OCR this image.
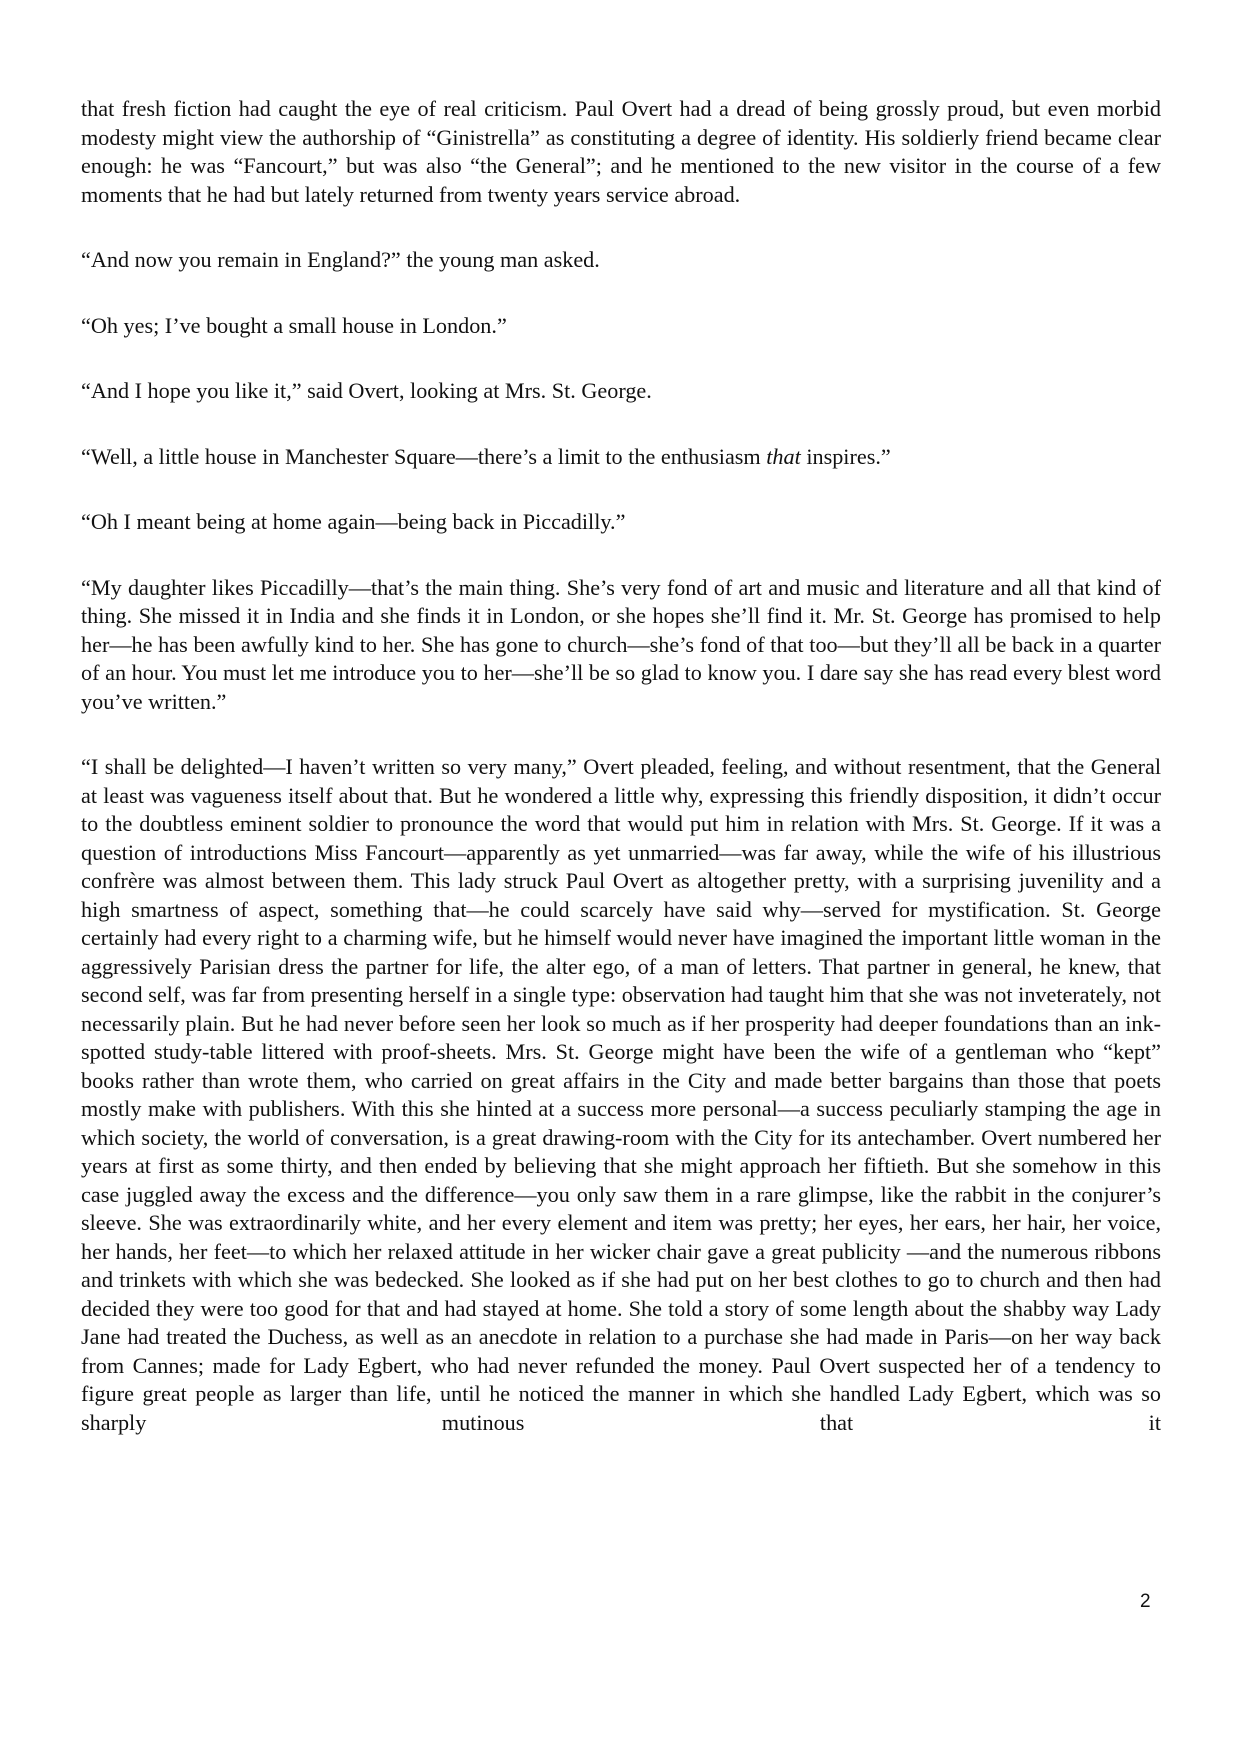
that fresh fiction had caught the eye of real criticism. Paul Overt had a dread of being grossly proud, but even morbid modesty might view the authorship of “Ginistrella” as constituting a degree of identity. His soldierly friend became clear enough: he was “Fancourt,” but was also “the General”; and he mentioned to the new visitor in the course of a few moments that he had but lately returned from twenty years service abroad.

“And now you remain in England?” the young man asked.

“Oh yes; I’ve bought a small house in London.”

“And I hope you like it,” said Overt, looking at Mrs. St. George.

“Well, a little house in Manchester Square—there’s a limit to the enthusiasm that inspires.”

“Oh I meant being at home again—being back in Piccadilly.”

“My daughter likes Piccadilly—that’s the main thing. She’s very fond of art and music and literature and all that kind of thing. She missed it in India and she finds it in London, or she hopes she’ll find it. Mr. St. George has promised to help her—he has been awfully kind to her. She has gone to church—she’s fond of that too—but they’ll all be back in a quarter of an hour. You must let me introduce you to her—she’ll be so glad to know you. I dare say she has read every blest word you’ve written.”

“I shall be delighted—I haven’t written so very many,” Overt pleaded, feeling, and without resentment, that the General at least was vagueness itself about that. But he wondered a little why, expressing this friendly disposition, it didn’t occur to the doubtless eminent soldier to pronounce the word that would put him in relation with Mrs. St. George. If it was a question of introductions Miss Fancourt—apparently as yet unmarried—was far away, while the wife of his illustrious confrère was almost between them. This lady struck Paul Overt as altogether pretty, with a surprising juvenility and a high smartness of aspect, something that—he could scarcely have said why—served for mystification. St. George certainly had every right to a charming wife, but he himself would never have imagined the important little woman in the aggressively Parisian dress the partner for life, the alter ego, of a man of letters. That partner in general, he knew, that second self, was far from presenting herself in a single type: observation had taught him that she was not inveterately, not necessarily plain. But he had never before seen her look so much as if her prosperity had deeper foundations than an ink-spotted study-table littered with proof-sheets. Mrs. St. George might have been the wife of a gentleman who “kept” books rather than wrote them, who carried on great affairs in the City and made better bargains than those that poets mostly make with publishers. With this she hinted at a success more personal—a success peculiarly stamping the age in which society, the world of conversation, is a great drawing-room with the City for its antechamber. Overt numbered her years at first as some thirty, and then ended by believing that she might approach her fiftieth. But she somehow in this case juggled away the excess and the difference—you only saw them in a rare glimpse, like the rabbit in the conjurer’s sleeve. She was extraordinarily white, and her every element and item was pretty; her eyes, her ears, her hair, her voice, her hands, her feet—to which her relaxed attitude in her wicker chair gave a great publicity —and the numerous ribbons and trinkets with which she was bedecked. She looked as if she had put on her best clothes to go to church and then had decided they were too good for that and had stayed at home. She told a story of some length about the shabby way Lady Jane had treated the Duchess, as well as an anecdote in relation to a purchase she had made in Paris—on her way back from Cannes; made for Lady Egbert, who had never refunded the money. Paul Overt suspected her of a tendency to figure great people as larger than life, until he noticed the manner in which she handled Lady Egbert, which was so sharply mutinous that it

2
